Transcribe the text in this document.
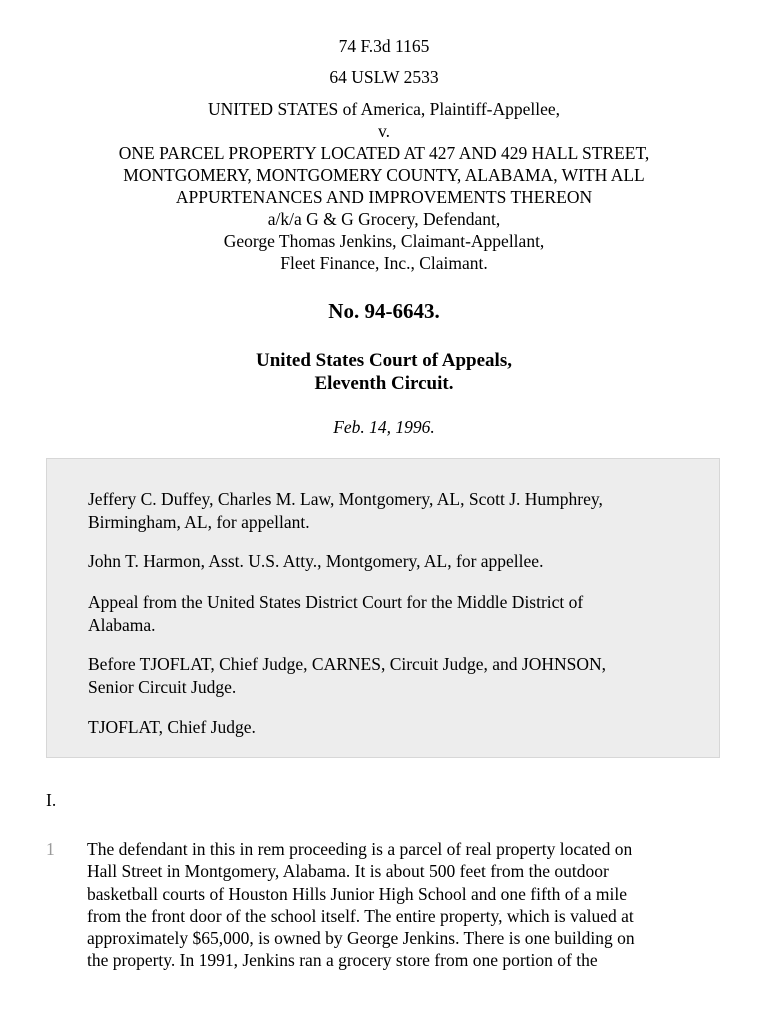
74 F.3d 1165
64 USLW 2533
UNITED STATES of America, Plaintiff-Appellee,
v.
ONE PARCEL PROPERTY LOCATED AT 427 AND 429 HALL STREET,
MONTGOMERY, MONTGOMERY COUNTY, ALABAMA, WITH ALL
APPURTENANCES AND IMPROVEMENTS THEREON
a/k/a G & G Grocery, Defendant,
George Thomas Jenkins, Claimant-Appellant,
Fleet Finance, Inc., Claimant.
No. 94-6643.
United States Court of Appeals,
Eleventh Circuit.
Feb. 14, 1996.
Jeffery C. Duffey, Charles M. Law, Montgomery, AL, Scott J. Humphrey,
Birmingham, AL, for appellant.
John T. Harmon, Asst. U.S. Atty., Montgomery, AL, for appellee.
Appeal from the United States District Court for the Middle District of
Alabama.
Before TJOFLAT, Chief Judge, CARNES, Circuit Judge, and JOHNSON,
Senior Circuit Judge.
TJOFLAT, Chief Judge.
I.
1 The defendant in this in rem proceeding is a parcel of real property located on
Hall Street in Montgomery, Alabama. It is about 500 feet from the outdoor
basketball courts of Houston Hills Junior High School and one fifth of a mile
from the front door of the school itself. The entire property, which is valued at
approximately $65,000, is owned by George Jenkins. There is one building on
the property. In 1991, Jenkins ran a grocery store from one portion of the
